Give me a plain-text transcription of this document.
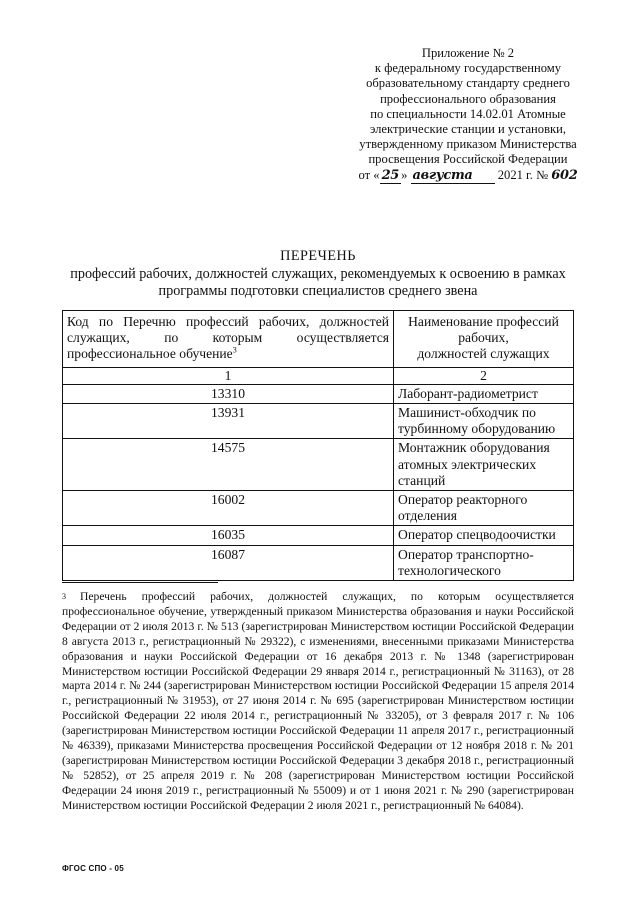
Приложение № 2
к федеральному государственному
образовательному стандарту среднего
профессионального образования
по специальности 14.02.01 Атомные
электрические станции и установки,
утвержденному приказом Министерства
просвещения Российской Федерации
от « 25 » августа 2021 г. № 602
ПЕРЕЧЕНЬ
профессий рабочих, должностей служащих, рекомендуемых к освоению в рамках
программы подготовки специалистов среднего звена
Код по Перечню профессий рабочих, должностей служащих, по которым осуществляется профессиональное обучение$^3$	Наименование профессий
рабочих,
должностей служащих

1	2
13310	Лаборант-радиометрист
13931	Машинист-обходчик по турбинному оборудованию
14575	Монтажник оборудования атомных электрических станций
16002	Оператор реакторного отделения
16035	Оператор спецводоочистки
16087	Оператор транспортно-технологического
$^3$ Перечень профессий рабочих, должностей служащих, по которым осуществляется профессиональное обучение, утвержденный приказом Министерства образования и науки Российской Федерации от 2 июля 2013 г. № 513 (зарегистрирован Министерством юстиции Российской Федерации 8 августа 2013 г., регистрационный № 29322), с изменениями, внесенными приказами Министерства образования и науки Российской Федерации от 16 декабря 2013 г. № 1348 (зарегистрирован Министерством юстиции Российской Федерации 29 января 2014 г., регистрационный № 31163), от 28 марта 2014 г. № 244 (зарегистрирован Министерством юстиции Российской Федерации 15 апреля 2014 г., регистрационный № 31953), от 27 июня 2014 г. № 695 (зарегистрирован Министерством юстиции Российской Федерации 22 июля 2014 г., регистрационный № 33205), от 3 февраля 2017 г. № 106 (зарегистрирован Министерством юстиции Российской Федерации 11 апреля 2017 г., регистрационный № 46339), приказами Министерства просвещения Российской Федерации от 12 ноября 2018 г. № 201 (зарегистрирован Министерством юстиции Российской Федерации 3 декабря 2018 г., регистрационный № 52852), от 25 апреля 2019 г. № 208 (зарегистрирован Министерством юстиции Российской Федерации 24 июня 2019 г., регистрационный № 55009) и от 1 июня 2021 г. № 290 (зарегистрирован Министерством юстиции Российской Федерации 2 июля 2021 г., регистрационный № 64084).
ФГОС СПО - 05
